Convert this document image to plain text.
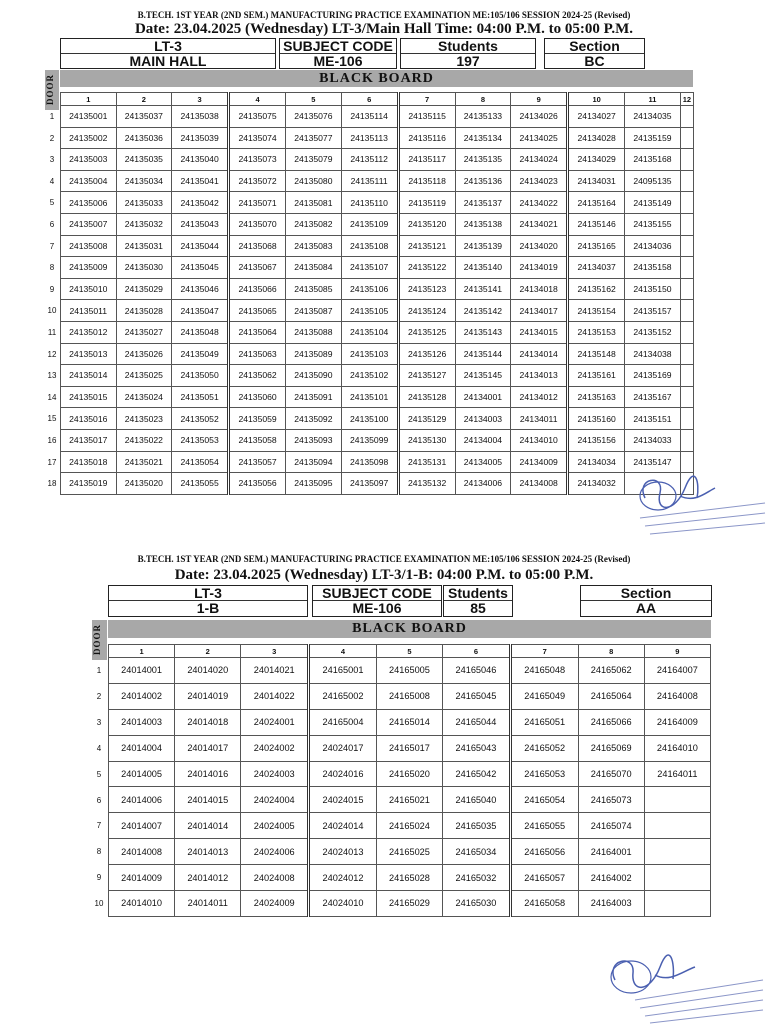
B.TECH. 1ST YEAR (2ND SEM.) MANUFACTURING PRACTICE EXAMINATION ME:105/106 SESSION 2024-25 (Revised)
Date: 23.04.2025 (Wednesday) LT-3/Main Hall Time: 04:00 P.M. to 05:00 P.M.
LT-3
MAIN HALL
SUBJECT CODE
ME-106
Students
197
Section
BC
DOOR	BLACK BOARD
1
2
3
4
5
6
7
8
9
10
11
12
13
14
15
16
17
18
1	2	3	4	5	6	7	8	9	10	11	12
24135001	24135037	24135038	24135075	24135076	24135114	24135115	24135133	24134026	24134027	24134035	
24135002	24135036	24135039	24135074	24135077	24135113	24135116	24135134	24134025	24134028	24135159	
24135003	24135035	24135040	24135073	24135079	24135112	24135117	24135135	24134024	24134029	24135168	
24135004	24135034	24135041	24135072	24135080	24135111	24135118	24135136	24134023	24134031	24095135	
24135006	24135033	24135042	24135071	24135081	24135110	24135119	24135137	24134022	24135164	24135149	
24135007	24135032	24135043	24135070	24135082	24135109	24135120	24135138	24134021	24135146	24135155	
24135008	24135031	24135044	24135068	24135083	24135108	24135121	24135139	24134020	24135165	24134036	
24135009	24135030	24135045	24135067	24135084	24135107	24135122	24135140	24134019	24134037	24135158	
24135010	24135029	24135046	24135066	24135085	24135106	24135123	24135141	24134018	24135162	24135150	
24135011	24135028	24135047	24135065	24135087	24135105	24135124	24135142	24134017	24135154	24135157	
24135012	24135027	24135048	24135064	24135088	24135104	24135125	24135143	24134015	24135153	24135152	
24135013	24135026	24135049	24135063	24135089	24135103	24135126	24135144	24134014	24135148	24134038	
24135014	24135025	24135050	24135062	24135090	24135102	24135127	24135145	24134013	24135161	24135169	
24135015	24135024	24135051	24135060	24135091	24135101	24135128	24134001	24134012	24135163	24135167	
24135016	24135023	24135052	24135059	24135092	24135100	24135129	24134003	24134011	24135160	24135151	
24135017	24135022	24135053	24135058	24135093	24135099	24135130	24134004	24134010	24135156	24134033	
24135018	24135021	24135054	24135057	24135094	24135098	24135131	24134005	24134009	24134034	24135147	
24135019	24135020	24135055	24135056	24135095	24135097	24135132	24134006	24134008	24134032		
B.TECH. 1ST YEAR (2ND SEM.) MANUFACTURING PRACTICE EXAMINATION ME:105/106 SESSION 2024-25 (Revised)
Date: 23.04.2025 (Wednesday) LT-3/1-B: 04:00 P.M. to 05:00 P.M.
LT-3
1-B
SUBJECT CODE
ME-106
Students
85
Section
AA
DOOR	BLACK BOARD
1
2
3
4
5
6
7
8
9
10
1	2	3	4	5	6	7	8	9
24014001	24014020	24014021	24165001	24165005	24165046	24165048	24165062	24164007
24014002	24014019	24014022	24165002	24165008	24165045	24165049	24165064	24164008
24014003	24014018	24024001	24165004	24165014	24165044	24165051	24165066	24164009
24014004	24014017	24024002	24024017	24165017	24165043	24165052	24165069	24164010
24014005	24014016	24024003	24024016	24165020	24165042	24165053	24165070	24164011
24014006	24014015	24024004	24024015	24165021	24165040	24165054	24165073	
24014007	24014014	24024005	24024014	24165024	24165035	24165055	24165074	
24014008	24014013	24024006	24024013	24165025	24165034	24165056	24164001	
24014009	24014012	24024008	24024012	24165028	24165032	24165057	24164002	
24014010	24014011	24024009	24024010	24165029	24165030	24165058	24164003	
